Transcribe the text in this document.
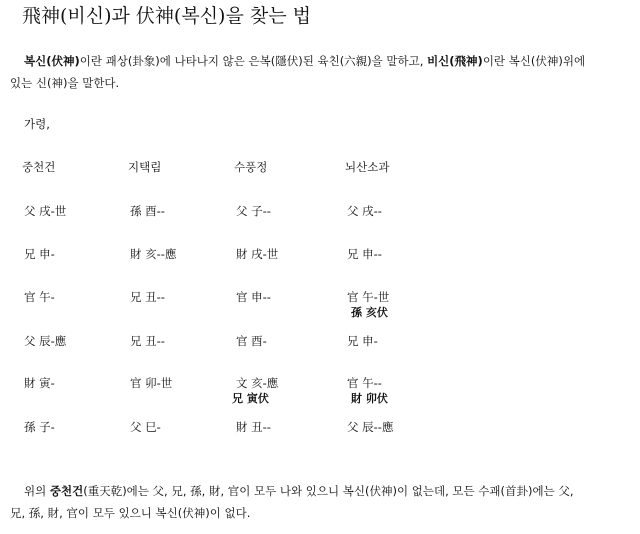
飛神(비신)과 伏神(복신)을 찾는 법

복신(伏神)이란 괘상(卦象)에 나타나지 않은 은복(隱伏)된 육친(六親)을 말하고, 비신(飛神)이란 복신(伏神)위에 있는 신(神)을 말한다.

가령,
중천건
父 戌-世
兄 申-
官 午-
父 辰-應
財 寅-
孫 子-
지택림
孫 酉--
財 亥--應
兄 丑--
兄 丑--
官 卯-世
父 巳-
수풍정
父 子--
財 戌-世
官 申--
官 酉-
文 亥-應
財 丑--
兄 寅伏
뇌산소과
父 戌--
兄 申--
官 午-世
兄 申-
官 午--
父 辰--應
孫 亥伏
財 卯伏

위의 중천건(重天乾)에는 父, 兄, 孫, 財, 官이 모두 나와 있으니 복신(伏神)이 없는데, 모든 수괘(首卦)에는 父, 兄, 孫, 財, 官이 모두 있으니 복신(伏神)이 없다.
